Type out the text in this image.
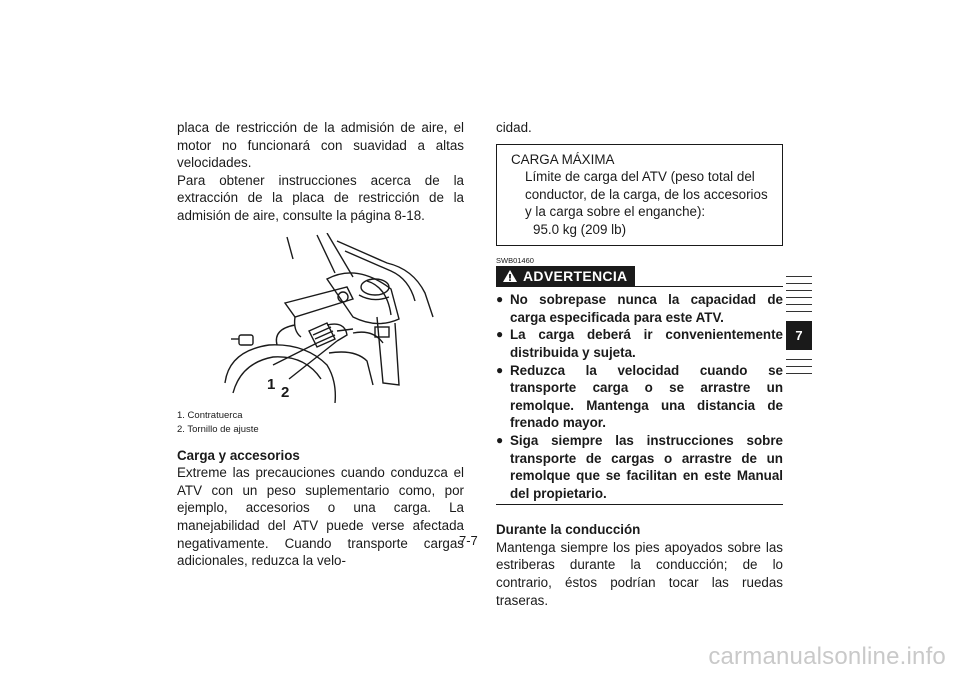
placa de restricción de la admisión de aire, el motor no funcionará con suavidad a altas velocidades.

Para obtener instrucciones acerca de la extracción de la placa de restricción de la admisión de aire, consulte la página 8-18.

1 2
1. Contratuerca
2. Tornillo de ajuste
Carga y accesorios

Extreme las precauciones cuando conduzca el ATV con un peso suplementario como, por ejemplo, accesorios o una carga. La manejabilidad del ATV puede verse afectada negativamente. Cuando transporte cargas adicionales, reduzca la velo-

cidad.
CARGA MÁXIMA
Límite de carga del ATV (peso total del conductor, de la carga, de los accesorios y la carga sobre el enganche):
95.0 kg (209 lb)
SWB01460
ADVERTENCIA
● No sobrepase nunca la capacidad de carga especificada para este ATV.
● La carga deberá ir convenientemente distribuida y sujeta.
● Reduzca la velocidad cuando se transporte carga o se arrastre un remolque. Mantenga una distancia de frenado mayor.
● Siga siempre las instrucciones sobre transporte de cargas o arrastre de un remolque que se facilitan en este Manual del propietario.
Durante la conducción

Mantenga siempre los pies apoyados sobre las estriberas durante la conducción; de lo contrario, éstos podrían tocar las ruedas traseras.

7-7
7
carmanualsonline.info
